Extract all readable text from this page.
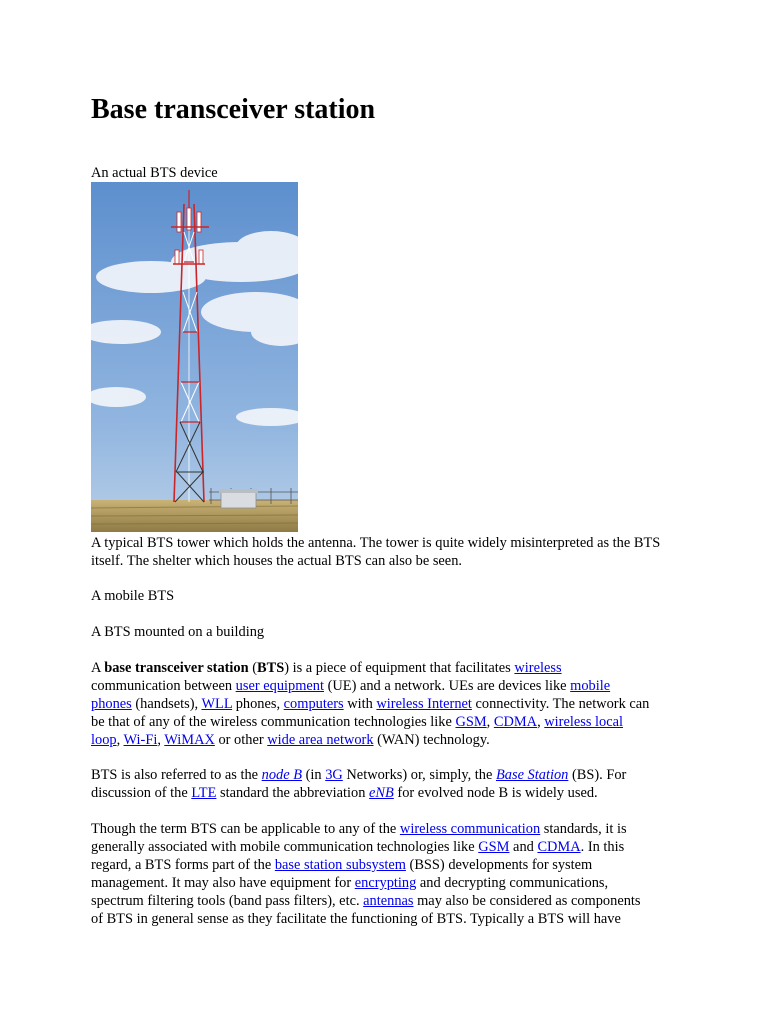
Base transceiver station
An actual BTS device
A typical BTS tower which holds the antenna. The tower is quite widely misinterpreted as the BTS itself. The shelter which houses the actual BTS can also be seen.
A mobile BTS
A BTS mounted on a building
A base transceiver station (BTS) is a piece of equipment that facilitates wireless
communication between user equipment (UE) and a network. UEs are devices like mobile
phones (handsets), WLL phones, computers with wireless Internet connectivity. The network can
be that of any of the wireless communication technologies like GSM, CDMA, wireless local
loop, Wi-Fi, WiMAX or other wide area network (WAN) technology.
BTS is also referred to as the node B (in 3G Networks) or, simply, the Base Station (BS). For
discussion of the LTE standard the abbreviation eNB for evolved node B is widely used.
Though the term BTS can be applicable to any of the wireless communication standards, it is
generally associated with mobile communication technologies like GSM and CDMA. In this
regard, a BTS forms part of the base station subsystem (BSS) developments for system
management. It may also have equipment for encrypting and decrypting communications,
spectrum filtering tools (band pass filters), etc. antennas may also be considered as components
of BTS in general sense as they facilitate the functioning of BTS. Typically a BTS will have
